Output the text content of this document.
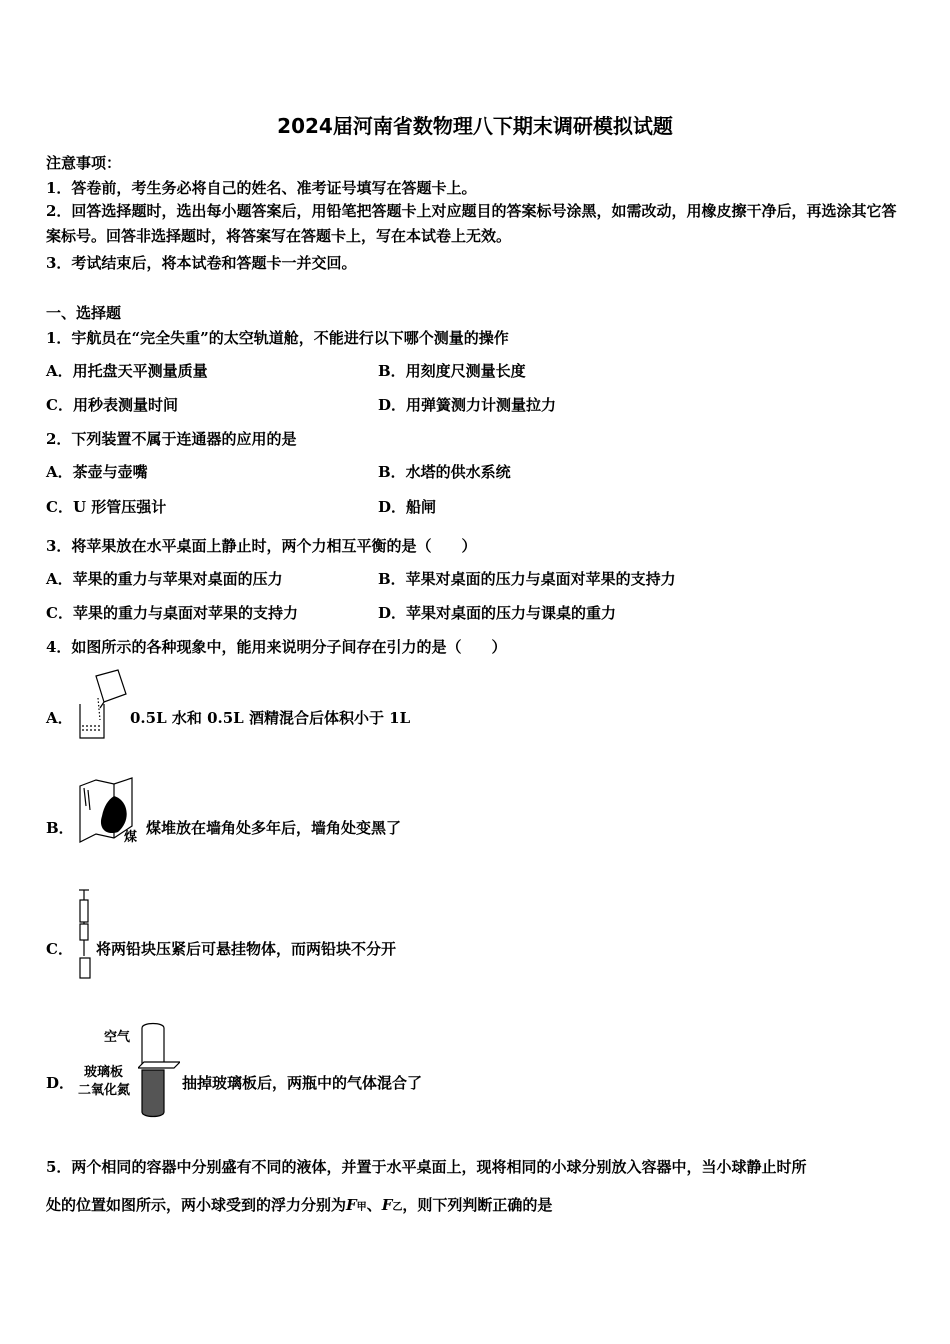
2024届河南省数物理八下期末调研模拟试题
注意事项：
1．答卷前，考生务必将自己的姓名、准考证号填写在答题卡上。
2．回答选择题时，选出每小题答案后，用铅笔把答题卡上对应题目的答案标号涂黑，如需改动，用橡皮擦干净后，再选涂其它答案标号。回答非选择题时，将答案写在答题卡上，写在本试卷上无效。
3．考试结束后，将本试卷和答题卡一并交回。
一、选择题
1．宇航员在“完全失重”的太空轨道舱，不能进行以下哪个测量的操作
A．用托盘天平测量质量	B．用刻度尺测量长度
C．用秒表测量时间	D．用弹簧测力计测量拉力
2．下列装置不属于连通器的应用的是
A．茶壶与壶嘴	B．水塔的供水系统
C．U 形管压强计	D．船闸
3．将苹果放在水平桌面上静止时，两个力相互平衡的是（　　）
A．苹果的重力与苹果对桌面的压力	B．苹果对桌面的压力与桌面对苹果的支持力
C．苹果的重力与桌面对苹果的支持力	D．苹果对桌面的压力与课桌的重力
4．如图所示的各种现象中，能用来说明分子间存在引力的是（　　）
A．	0.5L 水和 0.5L 酒精混合后体积小于 1L
B．
煤
煤堆放在墙角处多年后，墙角处变黑了
C． 将两铅块压紧后可悬挂物体，而两铅块不分开
D．
空气
玻璃板
二氧化氮	抽掉玻璃板后，两瓶中的气体混合了
5．两个相同的容器中分别盛有不同的液体，并置于水平桌面上，现将相同的小球分别放入容器中，当小球静止时所
处的位置如图所示，两小球受到的浮力分别为F甲、F乙，则下列判断正确的是
